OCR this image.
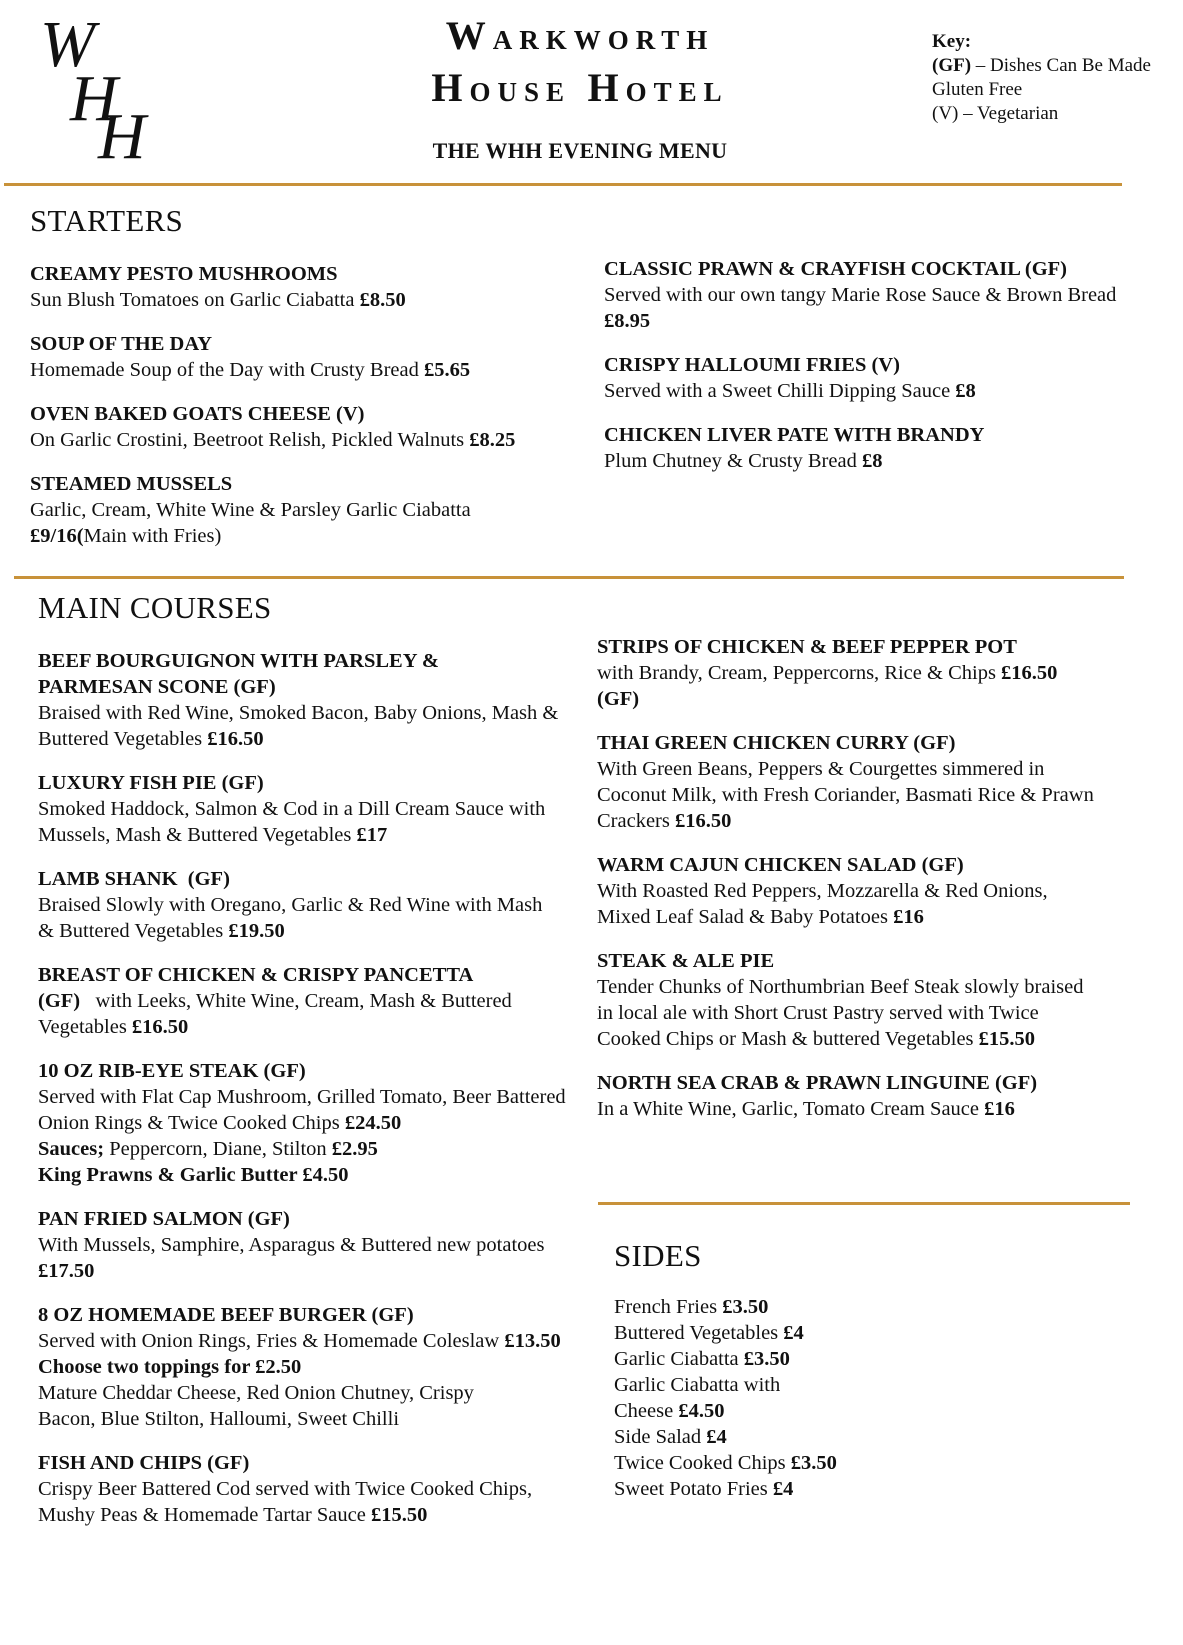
W
H
H
WARKWORTH
HOUSE HOTEL
THE WHH EVENING MENU
Key:
(GF) – Dishes Can Be Made Gluten Free
(V) – Vegetarian
STARTERS
CREAMY PESTO MUSHROOMS
Sun Blush Tomatoes on Garlic Ciabatta £8.50
SOUP OF THE DAY
Homemade Soup of the Day with Crusty Bread £5.65
OVEN BAKED GOATS CHEESE (V)
On Garlic Crostini, Beetroot Relish, Pickled Walnuts £8.25
STEAMED MUSSELS
Garlic, Cream, White Wine & Parsley Garlic Ciabatta £9/16(Main with Fries)
CLASSIC PRAWN & CRAYFISH COCKTAIL (GF)
Served with our own tangy Marie Rose Sauce & Brown Bread £8.95
CRISPY HALLOUMI FRIES (V)
Served with a Sweet Chilli Dipping Sauce £8
CHICKEN LIVER PATE WITH BRANDY
Plum Chutney & Crusty Bread £8
MAIN COURSES
BEEF BOURGUIGNON WITH PARSLEY & PARMESAN SCONE (GF)
Braised with Red Wine, Smoked Bacon, Baby Onions, Mash & Buttered Vegetables £16.50
LUXURY FISH PIE (GF)
Smoked Haddock, Salmon & Cod in a Dill Cream Sauce with Mussels, Mash & Buttered Vegetables £17
LAMB SHANK  (GF)
Braised Slowly with Oregano, Garlic & Red Wine with Mash & Buttered Vegetables £19.50
BREAST OF CHICKEN & CRISPY PANCETTA
(GF)   with Leeks, White Wine, Cream, Mash & Buttered Vegetables £16.50
10 OZ RIB-EYE STEAK (GF)
Served with Flat Cap Mushroom, Grilled Tomato, Beer Battered Onion Rings & Twice Cooked Chips £24.50
Sauces; Peppercorn, Diane, Stilton £2.95
King Prawns & Garlic Butter £4.50
PAN FRIED SALMON (GF)
With Mussels, Samphire, Asparagus & Buttered new potatoes £17.50
8 OZ HOMEMADE BEEF BURGER (GF)
Served with Onion Rings, Fries & Homemade Coleslaw £13.50
Choose two toppings for £2.50
Mature Cheddar Cheese, Red Onion Chutney, Crispy Bacon, Blue Stilton, Halloumi, Sweet Chilli
FISH AND CHIPS (GF)
Crispy Beer Battered Cod served with Twice Cooked Chips, Mushy Peas & Homemade Tartar Sauce £15.50
STRIPS OF CHICKEN & BEEF PEPPER POT
with Brandy, Cream, Peppercorns, Rice & Chips £16.50 (GF)
THAI GREEN CHICKEN CURRY (GF)
With Green Beans, Peppers & Courgettes simmered in Coconut Milk, with Fresh Coriander, Basmati Rice & Prawn Crackers £16.50
WARM CAJUN CHICKEN SALAD (GF)
With Roasted Red Peppers, Mozzarella & Red Onions, Mixed Leaf Salad & Baby Potatoes £16
STEAK & ALE PIE
Tender Chunks of Northumbrian Beef Steak slowly braised in local ale with Short Crust Pastry served with Twice Cooked Chips or Mash & buttered Vegetables £15.50
NORTH SEA CRAB & PRAWN LINGUINE (GF)
In a White Wine, Garlic, Tomato Cream Sauce £16
SIDES
French Fries £3.50
Buttered Vegetables £4
Garlic Ciabatta £3.50
Garlic Ciabatta with
Cheese £4.50
Side Salad £4
Twice Cooked Chips £3.50
Sweet Potato Fries £4
